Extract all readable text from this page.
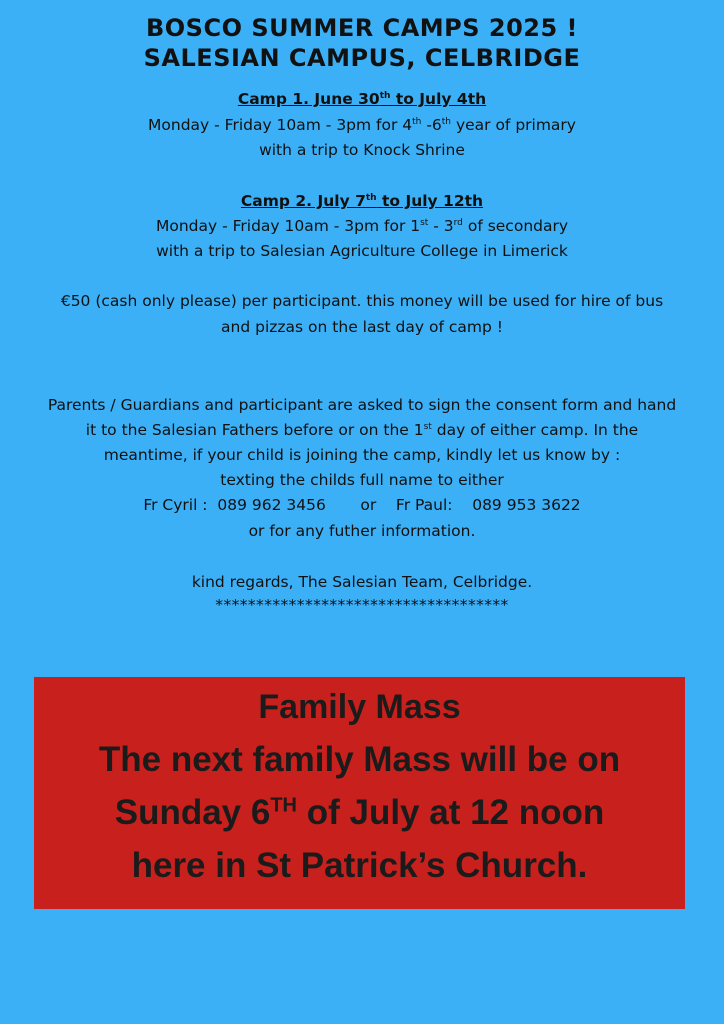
BOSCO SUMMER CAMPS 2025 !
SALESIAN CAMPUS, CELBRIDGE
Camp 1. June 30th to July 4th
Monday - Friday 10am - 3pm for 4th -6th year of primary
with a trip to Knock Shrine
Camp 2. July 7th to July 12th
Monday - Friday 10am - 3pm for 1st - 3rd of secondary
with a trip to Salesian Agriculture College in Limerick
€50 (cash only please) per participant. this money will be used for hire of bus
and pizzas on the last day of camp !
Parents / Guardians and participant are asked to sign the consent form and hand
it to the Salesian Fathers before or on the 1st day of either camp. In the
meantime, if your child is joining the camp, kindly let us know by :
texting the childs full name to either
Fr Cyril :  089 962 3456       or    Fr Paul:    089 953 3622
or for any futher information.
kind regards, The Salesian Team, Celbridge.
************************************
Family Mass
The next family Mass will be on
Sunday 6TH of July at 12 noon
here in St Patrick’s Church.
